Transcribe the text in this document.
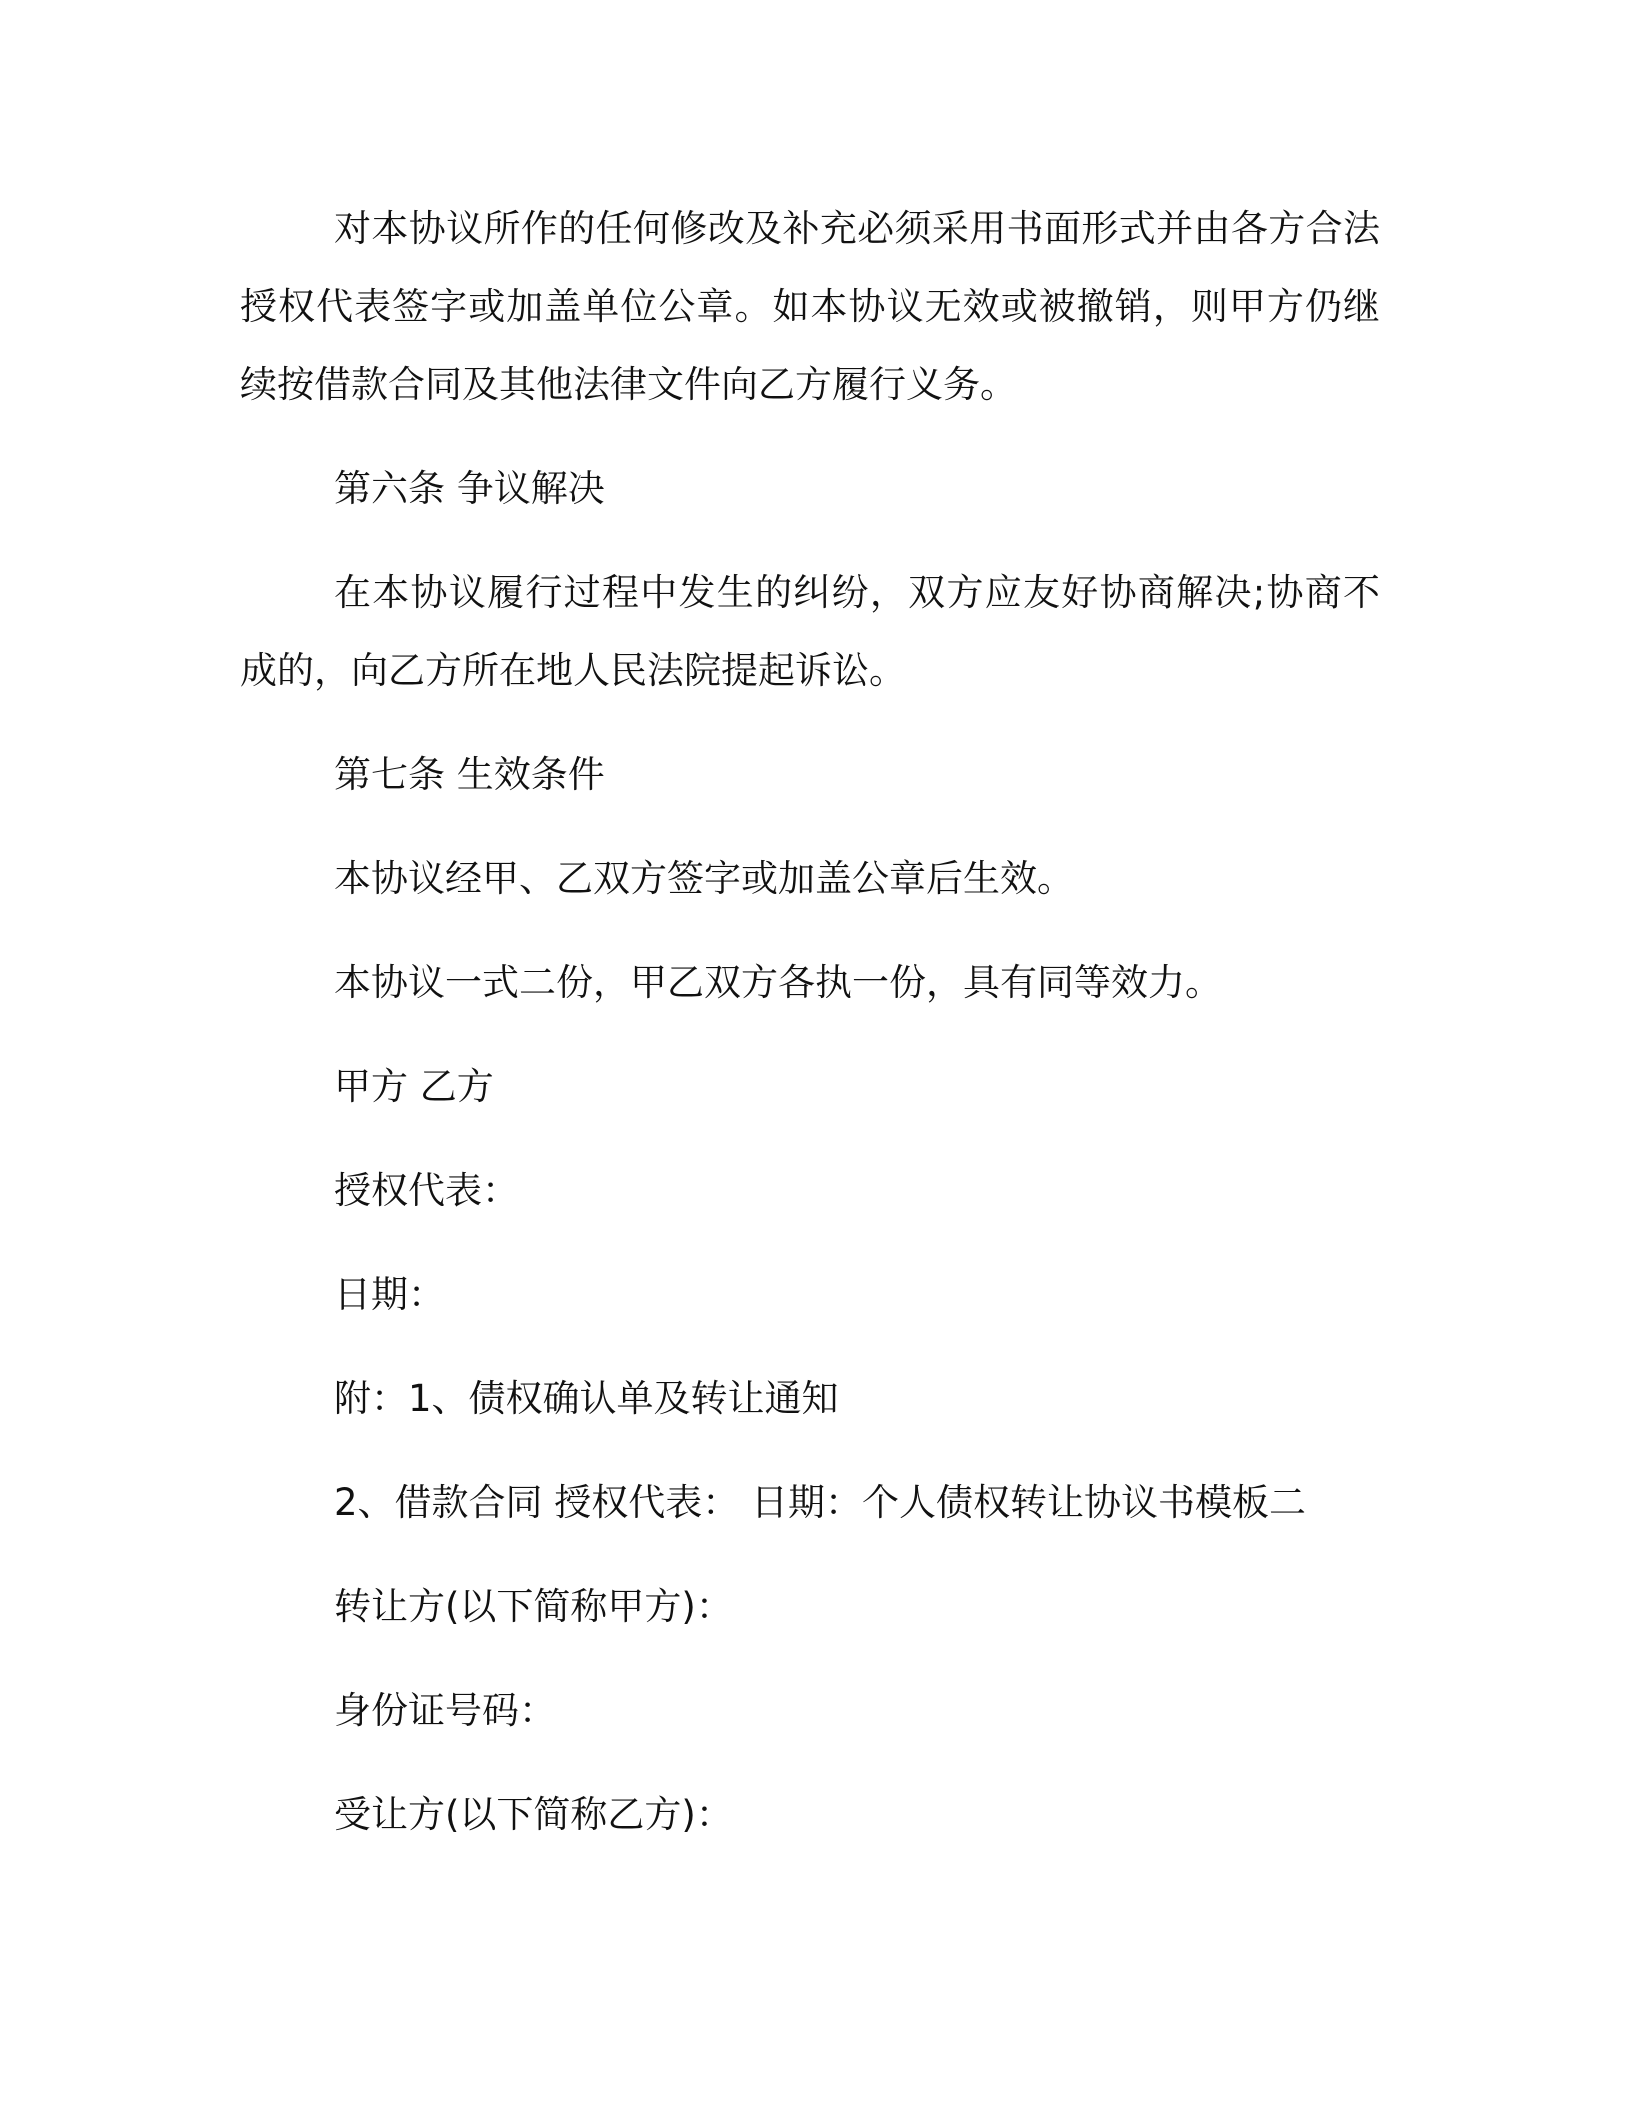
对本协议所作的任何修改及补充必须采用书面形式并由各方合法授权代表签字或加盖单位公章。如本协议无效或被撤销，则甲方仍继续按借款合同及其他法律文件向乙方履行义务。

第六条 争议解决

在本协议履行过程中发生的纠纷，双方应友好协商解决;协商不成的，向乙方所在地人民法院提起诉讼。

第七条 生效条件

本协议经甲、乙双方签字或加盖公章后生效。

本协议一式二份，甲乙双方各执一份，具有同等效力。

甲方 乙方

授权代表：

日期：

附：1、债权确认单及转让通知

2、借款合同 授权代表： 日期：个人债权转让协议书模板二

转让方(以下简称甲方)：

身份证号码：

受让方(以下简称乙方)：
